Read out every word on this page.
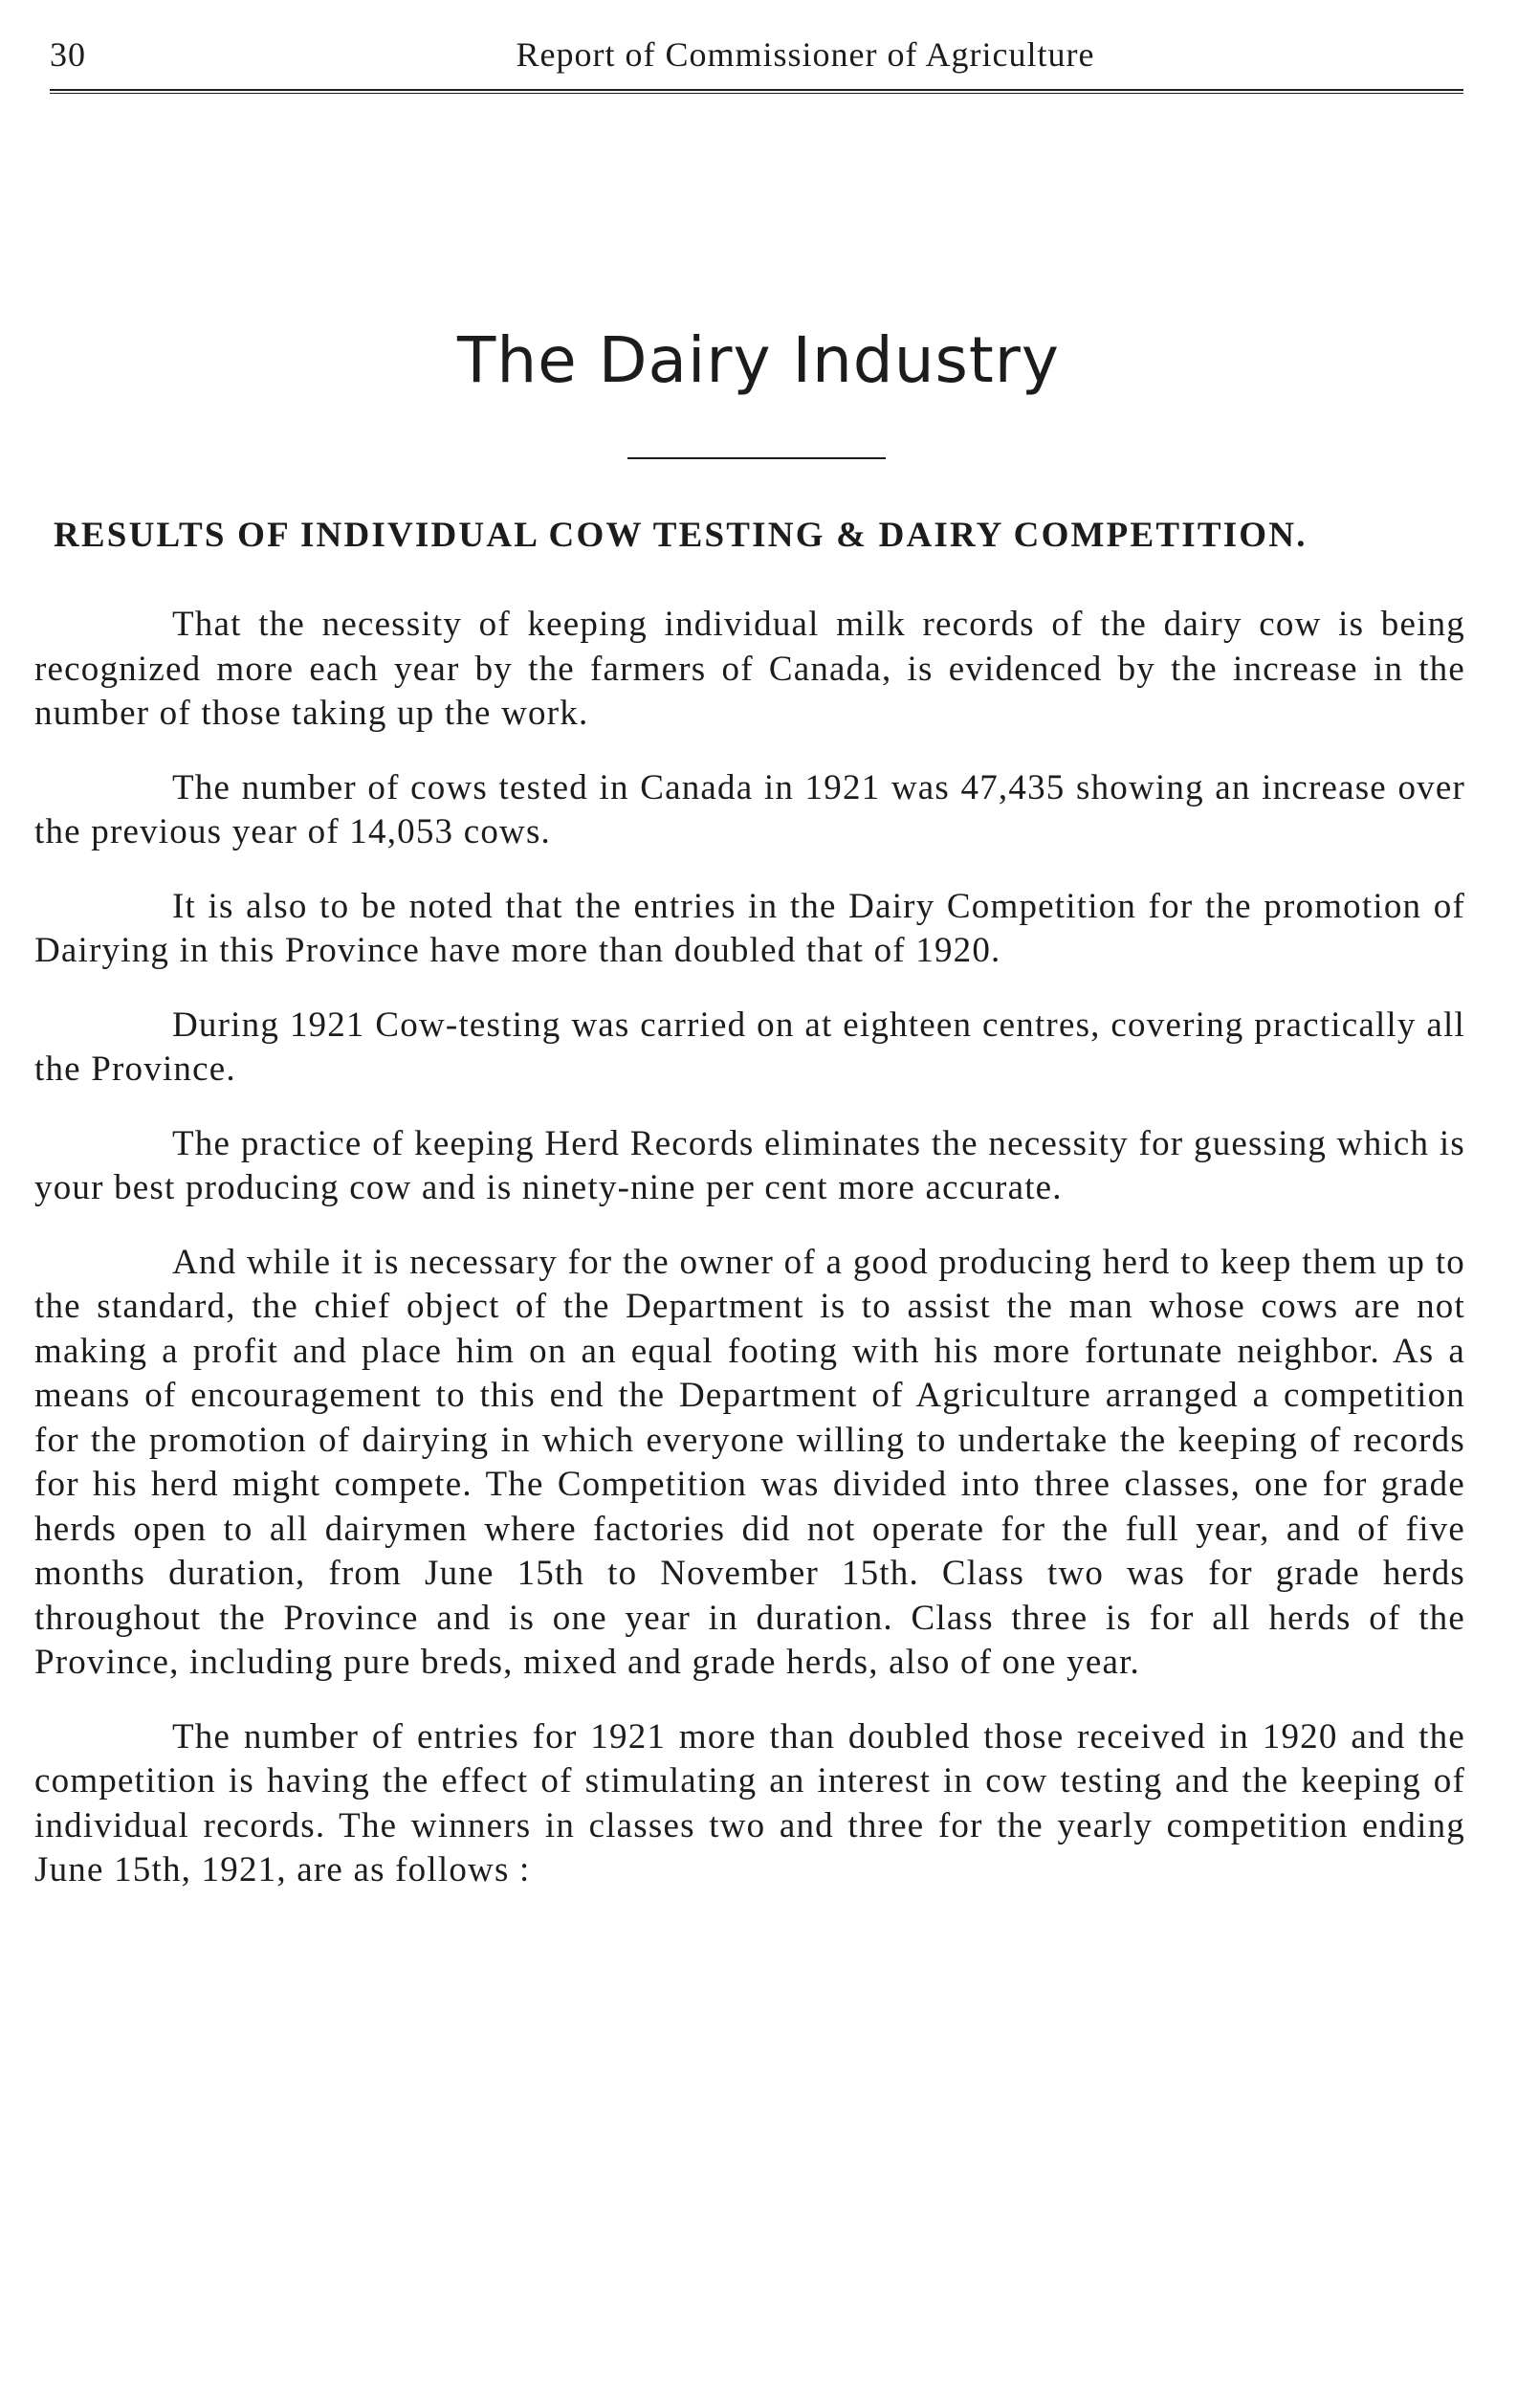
30	Report of Commissioner of Agriculture
The Dairy Industry
RESULTS OF INDIVIDUAL COW TESTING & DAIRY COMPETITION.

That the necessity of keeping individual milk records of the dairy cow is being recognized more each year by the farmers of Canada, is evidenced by the increase in the number of those taking up the work.

The number of cows tested in Canada in 1921 was 47,435 showing an increase over the previous year of 14,053 cows.

It is also to be noted that the entries in the Dairy Competition for the promotion of Dairying in this Province have more than doubled that of 1920.

During 1921 Cow-testing was carried on at eighteen centres, covering practically all the Province.

The practice of keeping Herd Records eliminates the necessity for guessing which is your best producing cow and is ninety-nine per cent more accurate.

And while it is necessary for the owner of a good producing herd to keep them up to the standard, the chief object of the Department is to assist the man whose cows are not making a profit and place him on an equal footing with his more fortunate neighbor. As a means of encouragement to this end the Department of Agriculture arranged a competition for the promotion of dairying in which everyone willing to undertake the keeping of records for his herd might compete. The Competition was divided into three classes, one for grade herds open to all dairymen where factories did not operate for the full year, and of five months duration, from June 15th to November 15th. Class two was for grade herds throughout the Province and is one year in duration. Class three is for all herds of the Province, including pure breds, mixed and grade herds, also of one year.

The number of entries for 1921 more than doubled those received in 1920 and the competition is having the effect of stimulating an interest in cow testing and the keeping of individual records. The winners in classes two and three for the yearly competition ending June 15th, 1921, are as follows :
